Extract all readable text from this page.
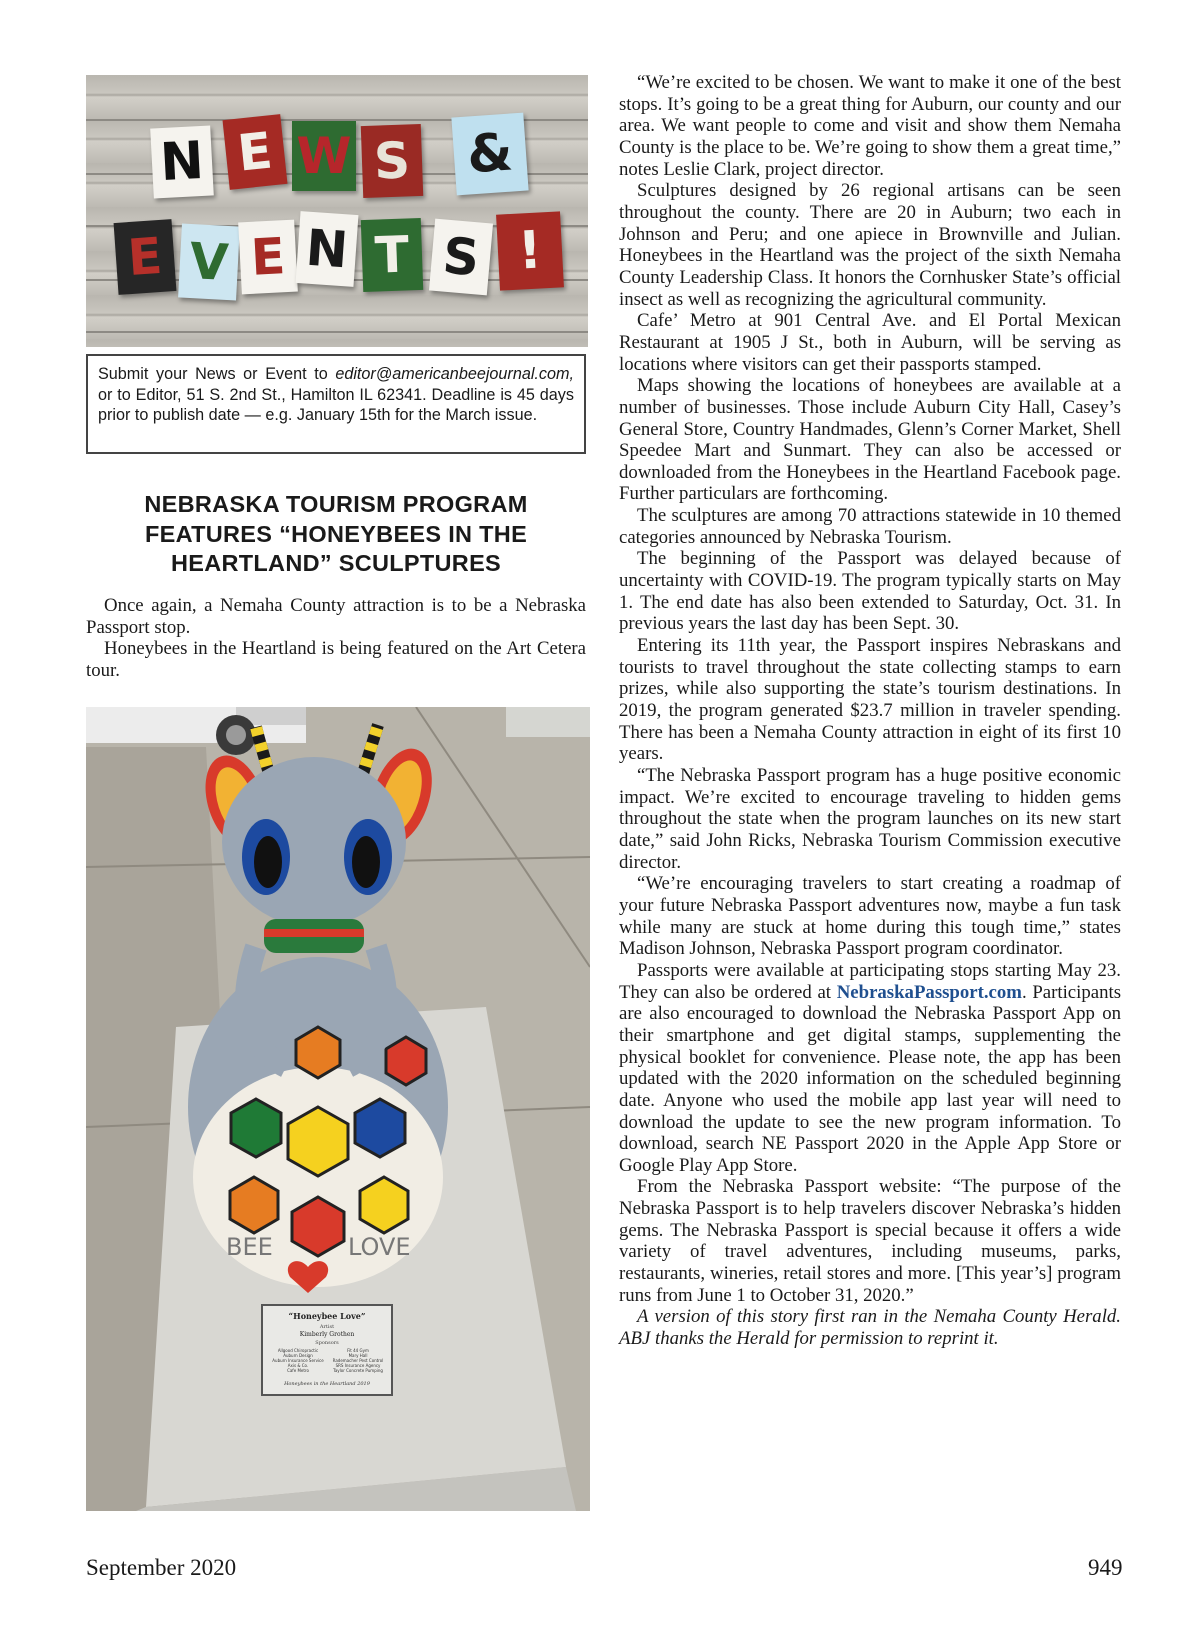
N E W S &
E V E N T S !
Submit your News or Event to editor@americanbeejournal.com, or to Editor, 51 S. 2nd St., Hamilton IL 62341. Deadline is 45 days prior to publish date — e.g. January 15th for the March issue.
NEBRASKA TOURISM PROGRAM FEATURES “HONEYBEES IN THE HEARTLAND” SCULPTURES

Once again, a Nemaha County attraction is to be a Nebraska Passport stop.

Honeybees in the Heartland is being featured on the Art Cetera tour.

BEE	LOVE
“Honeybee Love”
Artist
Kimberly Grothen
Sponsors
Allgood Chiropractic
Auburn Design
Auburn Insurance Service
Axis & Co.
Cafe Metro
Fit 44 Gym
Mary Hall
Rademacher Pest Control
SRS Insurance Agency
Taylor Concrete Pumping
Honeybees in the Heartland 2019

“We’re excited to be chosen. We want to make it one of the best stops. It’s going to be a great thing for Auburn, our county and our area. We want people to come and visit and show them Nemaha County is the place to be. We’re going to show them a great time,” notes Leslie Clark, project director.

Sculptures designed by 26 regional artisans can be seen throughout the county. There are 20 in Auburn; two each in Johnson and Peru; and one apiece in Brownville and Julian. Honeybees in the Heartland was the project of the sixth Nemaha County Leadership Class. It honors the Cornhusker State’s official insect as well as recognizing the agricultural community.

Cafe’ Metro at 901 Central Ave. and El Portal Mexican Restaurant at 1905 J St., both in Auburn, will be serving as locations where visitors can get their passports stamped.

Maps showing the locations of honeybees are available at a number of businesses. Those include Auburn City Hall, Casey’s General Store, Country Handmades, Glenn’s Corner Market, Shell Speedee Mart and Sunmart. They can also be accessed or downloaded from the Honeybees in the Heartland Facebook page. Further particulars are forthcoming.

The sculptures are among 70 attractions statewide in 10 themed categories announced by Nebraska Tourism.

The beginning of the Passport was delayed because of uncertainty with COVID-19. The program typically starts on May 1. The end date has also been extended to Saturday, Oct. 31. In previous years the last day has been Sept. 30.

Entering its 11th year, the Passport inspires Nebraskans and tourists to travel throughout the state collecting stamps to earn prizes, while also supporting the state’s tourism destinations. In 2019, the program generated $23.7 million in traveler spending. There has been a Nemaha County attraction in eight of its first 10 years.

“The Nebraska Passport program has a huge positive economic impact. We’re excited to encourage traveling to hidden gems throughout the state when the program launches on its new start date,” said John Ricks, Nebraska Tourism Commission executive director.

“We’re encouraging travelers to start creating a roadmap of your future Nebraska Passport adventures now, maybe a fun task while many are stuck at home during this tough time,” states Madison Johnson, Nebraska Passport program coordinator.

Passports were available at participating stops starting May 23. They can also be ordered at NebraskaPassport.com. Participants are also encouraged to download the Nebraska Passport App on their smartphone and get digital stamps, supplementing the physical booklet for convenience. Please note, the app has been updated with the 2020 information on the scheduled beginning date. Anyone who used the mobile app last year will need to download the update to see the new program information. To download, search NE Passport 2020 in the Apple App Store or Google Play App Store.

From the Nebraska Passport website: “The purpose of the Nebraska Passport is to help travelers discover Nebraska’s hidden gems. The Nebraska Passport is special because it offers a wide variety of travel adventures, including museums, parks, restaurants, wineries, retail stores and more. [This year’s] program runs from June 1 to October 31, 2020.”

A version of this story first ran in the Nemaha County Herald. ABJ thanks the Herald for permission to reprint it.

September 2020	949
